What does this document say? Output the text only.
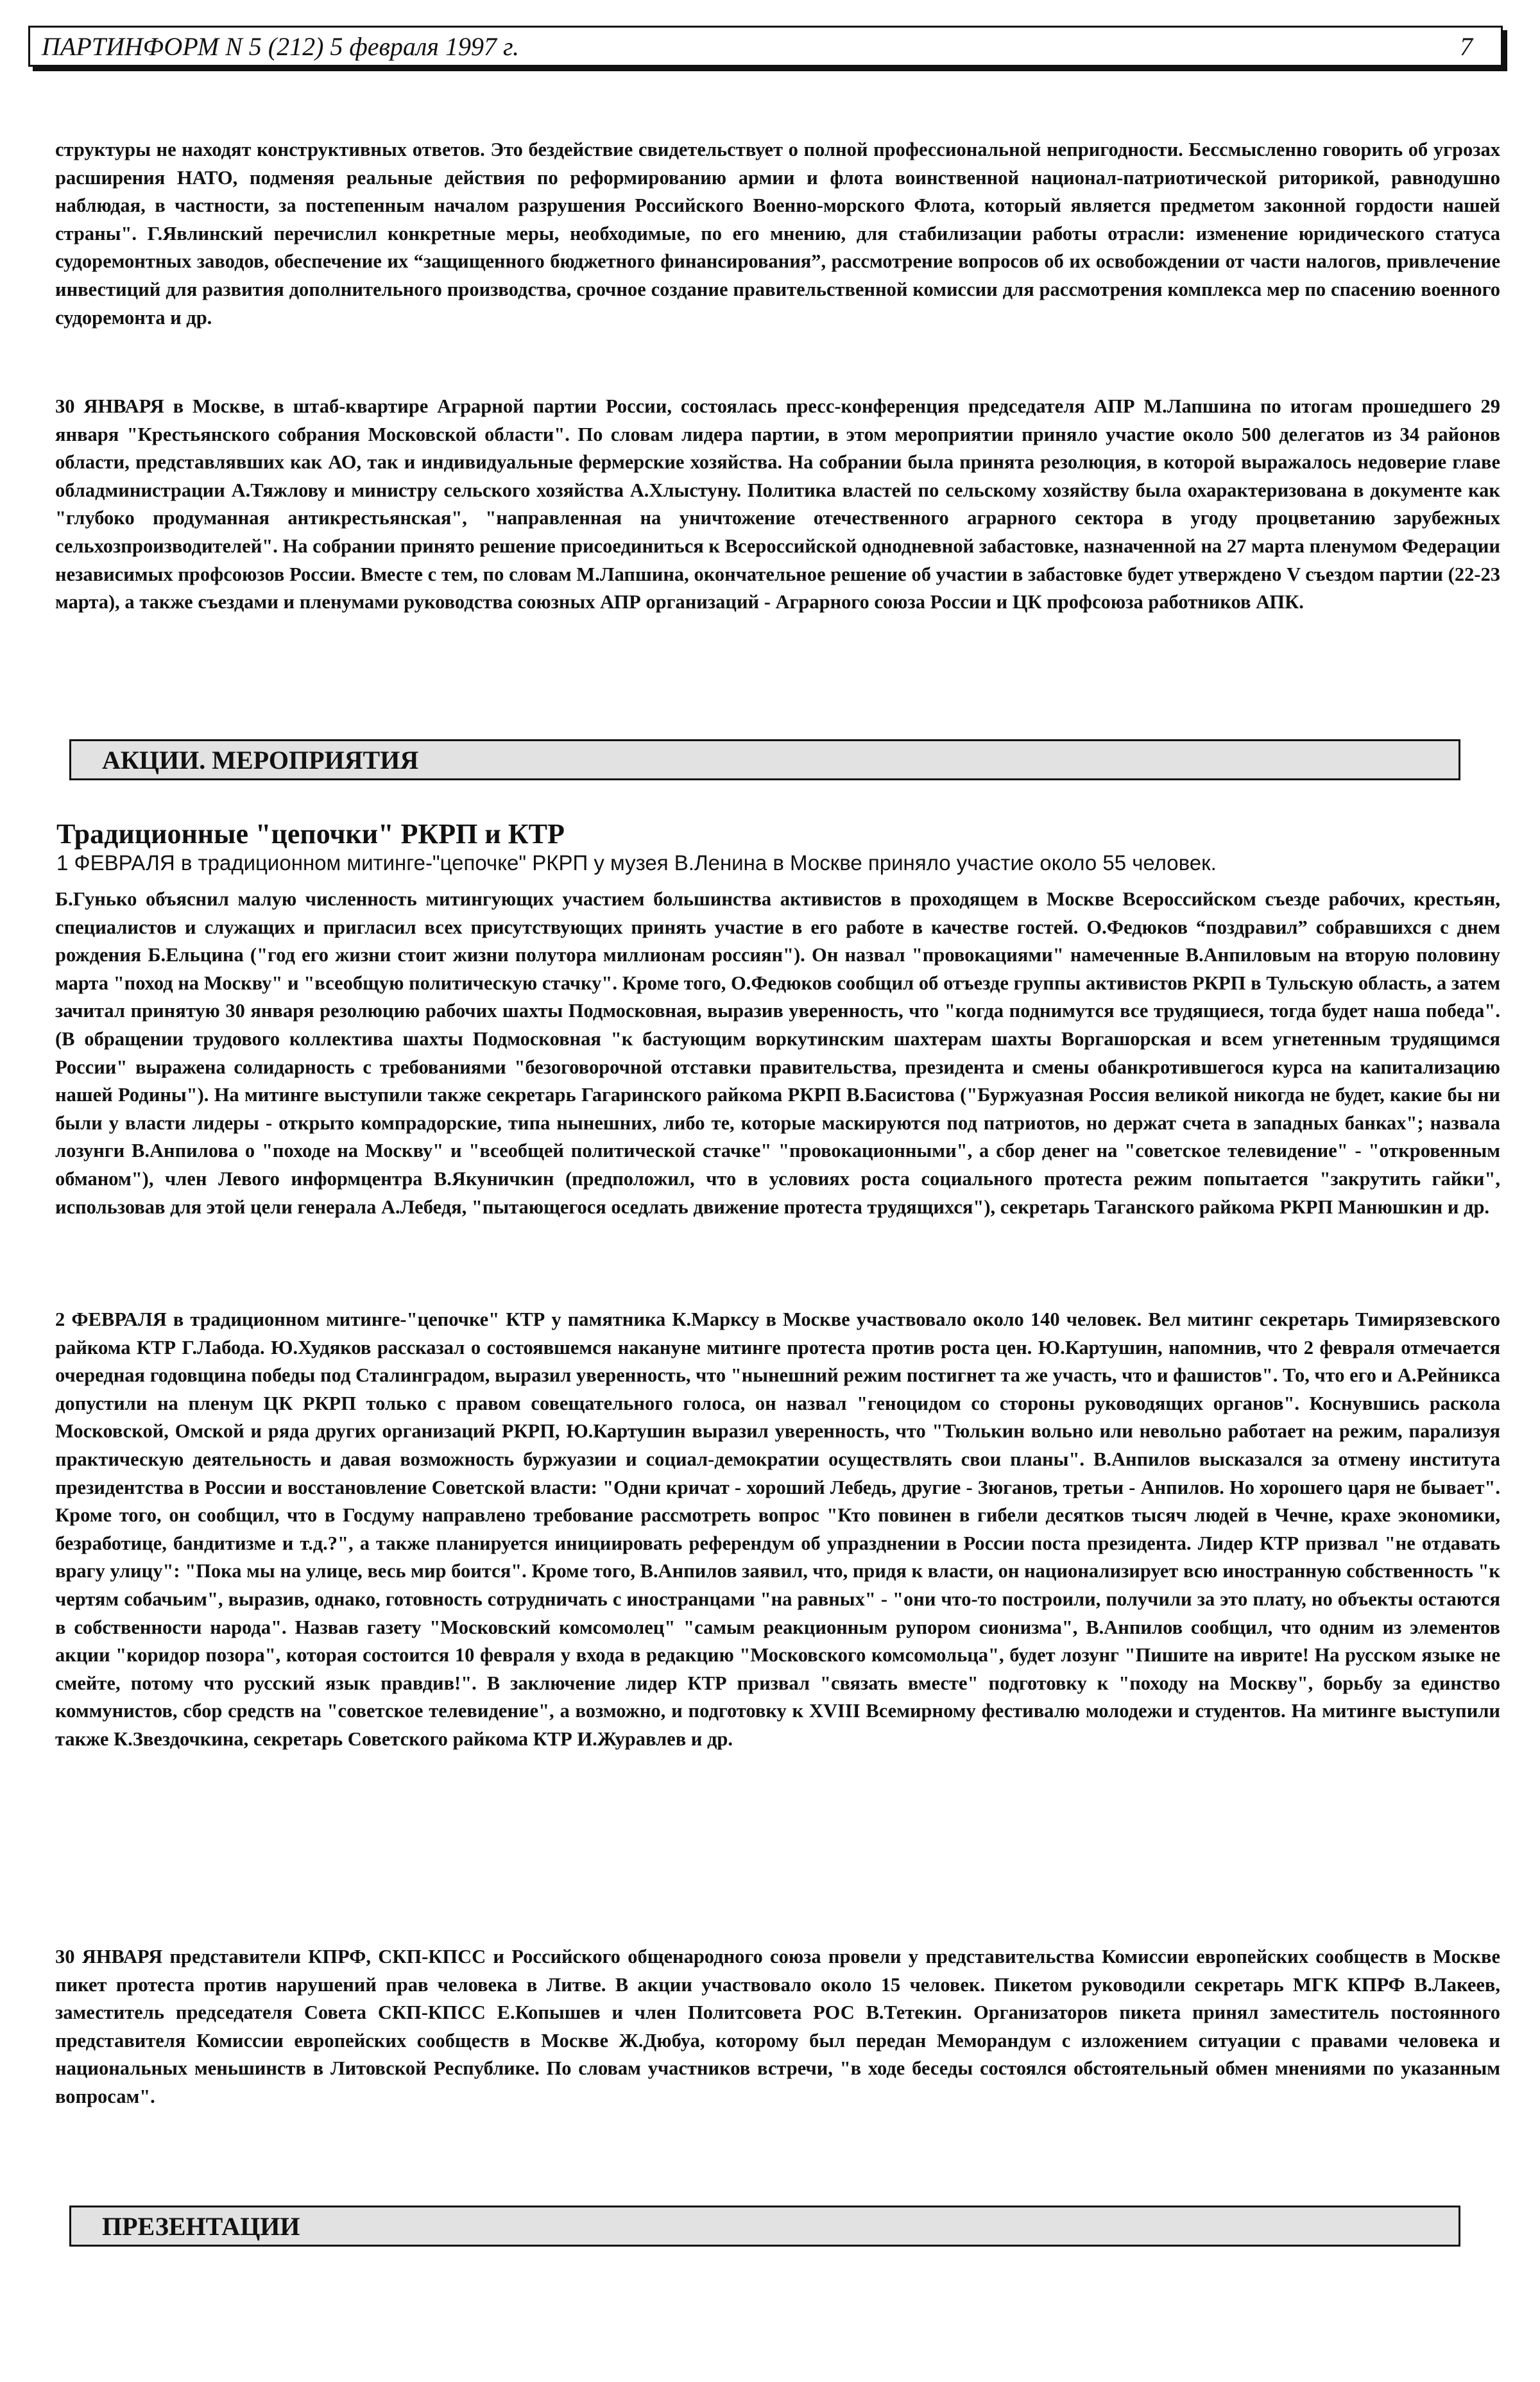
ПАРТИНФОРМ N 5 (212) 5 февраля 1997 г.	7

структуры не находят конструктивных ответов. Это бездействие свидетельствует о полной профессиональной непригодности. Бессмысленно говорить об угрозах расширения НАТО, подменяя реальные действия по реформированию армии и флота воинственной национал-патриотической риторикой, равнодушно наблюдая, в частности, за постепенным началом разрушения Российского Военно-морского Флота, который является предметом законной гордости нашей страны". Г.Явлинский перечислил конкретные меры, необходимые, по его мнению, для стабилизации работы отрасли: изменение юридического статуса судоремонтных заводов, обеспечение их “защищенного бюджетного финансирования”, рассмотрение вопросов об их освобождении от части налогов, привлечение инвестиций для развития дополнительного производства, срочное создание правительственной комиссии для рассмотрения комплекса мер по спасению военного судоремонта и др.

30 ЯНВАРЯ в Москве, в штаб-квартире Аграрной партии России, состоялась пресс-конференция председателя АПР М.Лапшина по итогам прошедшего 29 января "Крестьянского собрания Московской области". По словам лидера партии, в этом мероприятии приняло участие около 500 делегатов из 34 районов области, представлявших как АО, так и индивидуальные фермерские хозяйства. На собрании была принята резолюция, в которой выражалось недоверие главе обладминистрации А.Тяжлову и министру сельского хозяйства А.Хлыстуну. Политика властей по сельскому хозяйству была охарактеризована в документе как "глубоко продуманная антикрестьянская", "направленная на уничтожение отечественного аграрного сектора в угоду процветанию зарубежных сельхозпроизводителей". На собрании принято решение присоединиться к Всероссийской однодневной забастовке, назначенной на 27 марта пленумом Федерации независимых профсоюзов России. Вместе с тем, по словам М.Лапшина, окончательное решение об участии в забастовке будет утверждено V съездом партии (22-23 марта), а также съездами и пленумами руководства союзных АПР организаций - Аграрного союза России и ЦК профсоюза работников АПК.

АКЦИИ. МЕРОПРИЯТИЯ
Традиционные "цепочки" РКРП и КТР

1 ФЕВРАЛЯ в традиционном митинге-"цепочке" РКРП у музея В.Ленина в Москве приняло участие около 55 человек.

Б.Гунько объяснил малую численность митингующих участием большинства активистов в проходящем в Москве Всероссийском съезде рабочих, крестьян, специалистов и служащих и пригласил всех присутствующих принять участие в его работе в качестве гостей. О.Федюков “поздравил” собравшихся с днем рождения Б.Ельцина ("год его жизни стоит жизни полутора миллионам россиян"). Он назвал "провокациями" намеченные В.Анпиловым на вторую половину марта "поход на Москву" и "всеобщую политическую стачку". Кроме того, О.Федюков сообщил об отъезде группы активистов РКРП в Тульскую область, а затем зачитал принятую 30 января резолюцию рабочих шахты Подмосковная, выразив уверенность, что "когда поднимутся все трудящиеся, тогда будет наша победа". (В обращении трудового коллектива шахты Подмосковная "к бастующим воркутинским шахтерам шахты Воргашорская и всем угнетенным трудящимся России" выражена солидарность с требованиями "безоговорочной отставки правительства, президента и смены обанкротившегося курса на капитализацию нашей Родины"). На митинге выступили также секретарь Гагаринского райкома РКРП В.Басистова ("Буржуазная Россия великой никогда не будет, какие бы ни были у власти лидеры - открыто компрадорские, типа нынешних, либо те, которые маскируются под патриотов, но держат счета в западных банках"; назвала лозунги В.Анпилова о "походе на Москву" и "всеобщей политической стачке" "провокационными", а сбор денег на "советское телевидение" - "откровенным обманом"), член Левого информцентра В.Якуничкин (предположил, что в условиях роста социального протеста режим попытается "закрутить гайки", использовав для этой цели генерала А.Лебедя, "пытающегося оседлать движение протеста трудящихся"), секретарь Таганского райкома РКРП Манюшкин и др.

2 ФЕВРАЛЯ в традиционном митинге-"цепочке" КТР у памятника К.Марксу в Москве участвовало около 140 человек. Вел митинг секретарь Тимирязевского райкома КТР Г.Лабода. Ю.Худяков рассказал о состоявшемся накануне митинге протеста против роста цен. Ю.Картушин, напомнив, что 2 февраля отмечается очередная годовщина победы под Сталинградом, выразил уверенность, что "нынешний режим постигнет та же участь, что и фашистов". То, что его и А.Рейникса допустили на пленум ЦК РКРП только с правом совещательного голоса, он назвал "геноцидом со стороны руководящих органов". Коснувшись раскола Московской, Омской и ряда других организаций РКРП, Ю.Картушин выразил уверенность, что "Тюлькин вольно или невольно работает на режим, парализуя практическую деятельность и давая возможность буржуазии и социал-демократии осуществлять свои планы". В.Анпилов высказался за отмену института президентства в России и восстановление Советской власти: "Одни кричат - хороший Лебедь, другие - Зюганов, третьи - Анпилов. Но хорошего царя не бывает". Кроме того, он сообщил, что в Госдуму направлено требование рассмотреть вопрос "Кто повинен в гибели десятков тысяч людей в Чечне, крахе экономики, безработице, бандитизме и т.д.?", а также планируется инициировать референдум об упразднении в России поста президента. Лидер КТР призвал "не отдавать врагу улицу": "Пока мы на улице, весь мир боится". Кроме того, В.Анпилов заявил, что, придя к власти, он национализирует всю иностранную собственность "к чертям собачьим", выразив, однако, готовность сотрудничать с иностранцами "на равных" - "они что-то построили, получили за это плату, но объекты остаются в собственности народа". Назвав газету "Московский комсомолец" "самым реакционным рупором сионизма", В.Анпилов сообщил, что одним из элементов акции "коридор позора", которая состоится 10 февраля у входа в редакцию "Московского комсомольца", будет лозунг "Пишите на иврите! На русском языке не смейте, потому что русский язык правдив!". В заключение лидер КТР призвал "связать вместе" подготовку к "походу на Москву", борьбу за единство коммунистов, сбор средств на "советское телевидение", а возможно, и подготовку к XVIII Всемирному фестивалю молодежи и студентов. На митинге выступили также К.Звездочкина, секретарь Советского райкома КТР И.Журавлев и др.

30 ЯНВАРЯ представители КПРФ, СКП-КПСС и Российского общенародного союза провели у представительства Комиссии европейских сообществ в Москве пикет протеста против нарушений прав человека в Литве. В акции участвовало около 15 человек. Пикетом руководили секретарь МГК КПРФ В.Лакеев, заместитель председателя Совета СКП-КПСС Е.Копышев и член Политсовета РОС В.Тетекин. Организаторов пикета принял заместитель постоянного представителя Комиссии европейских сообществ в Москве Ж.Дюбуа, которому был передан Меморандум с изложением ситуации с правами человека и национальных меньшинств в Литовской Республике. По словам участников встречи, "в ходе беседы состоялся обстоятельный обмен мнениями по указанным вопросам".

ПРЕЗЕНТАЦИИ
